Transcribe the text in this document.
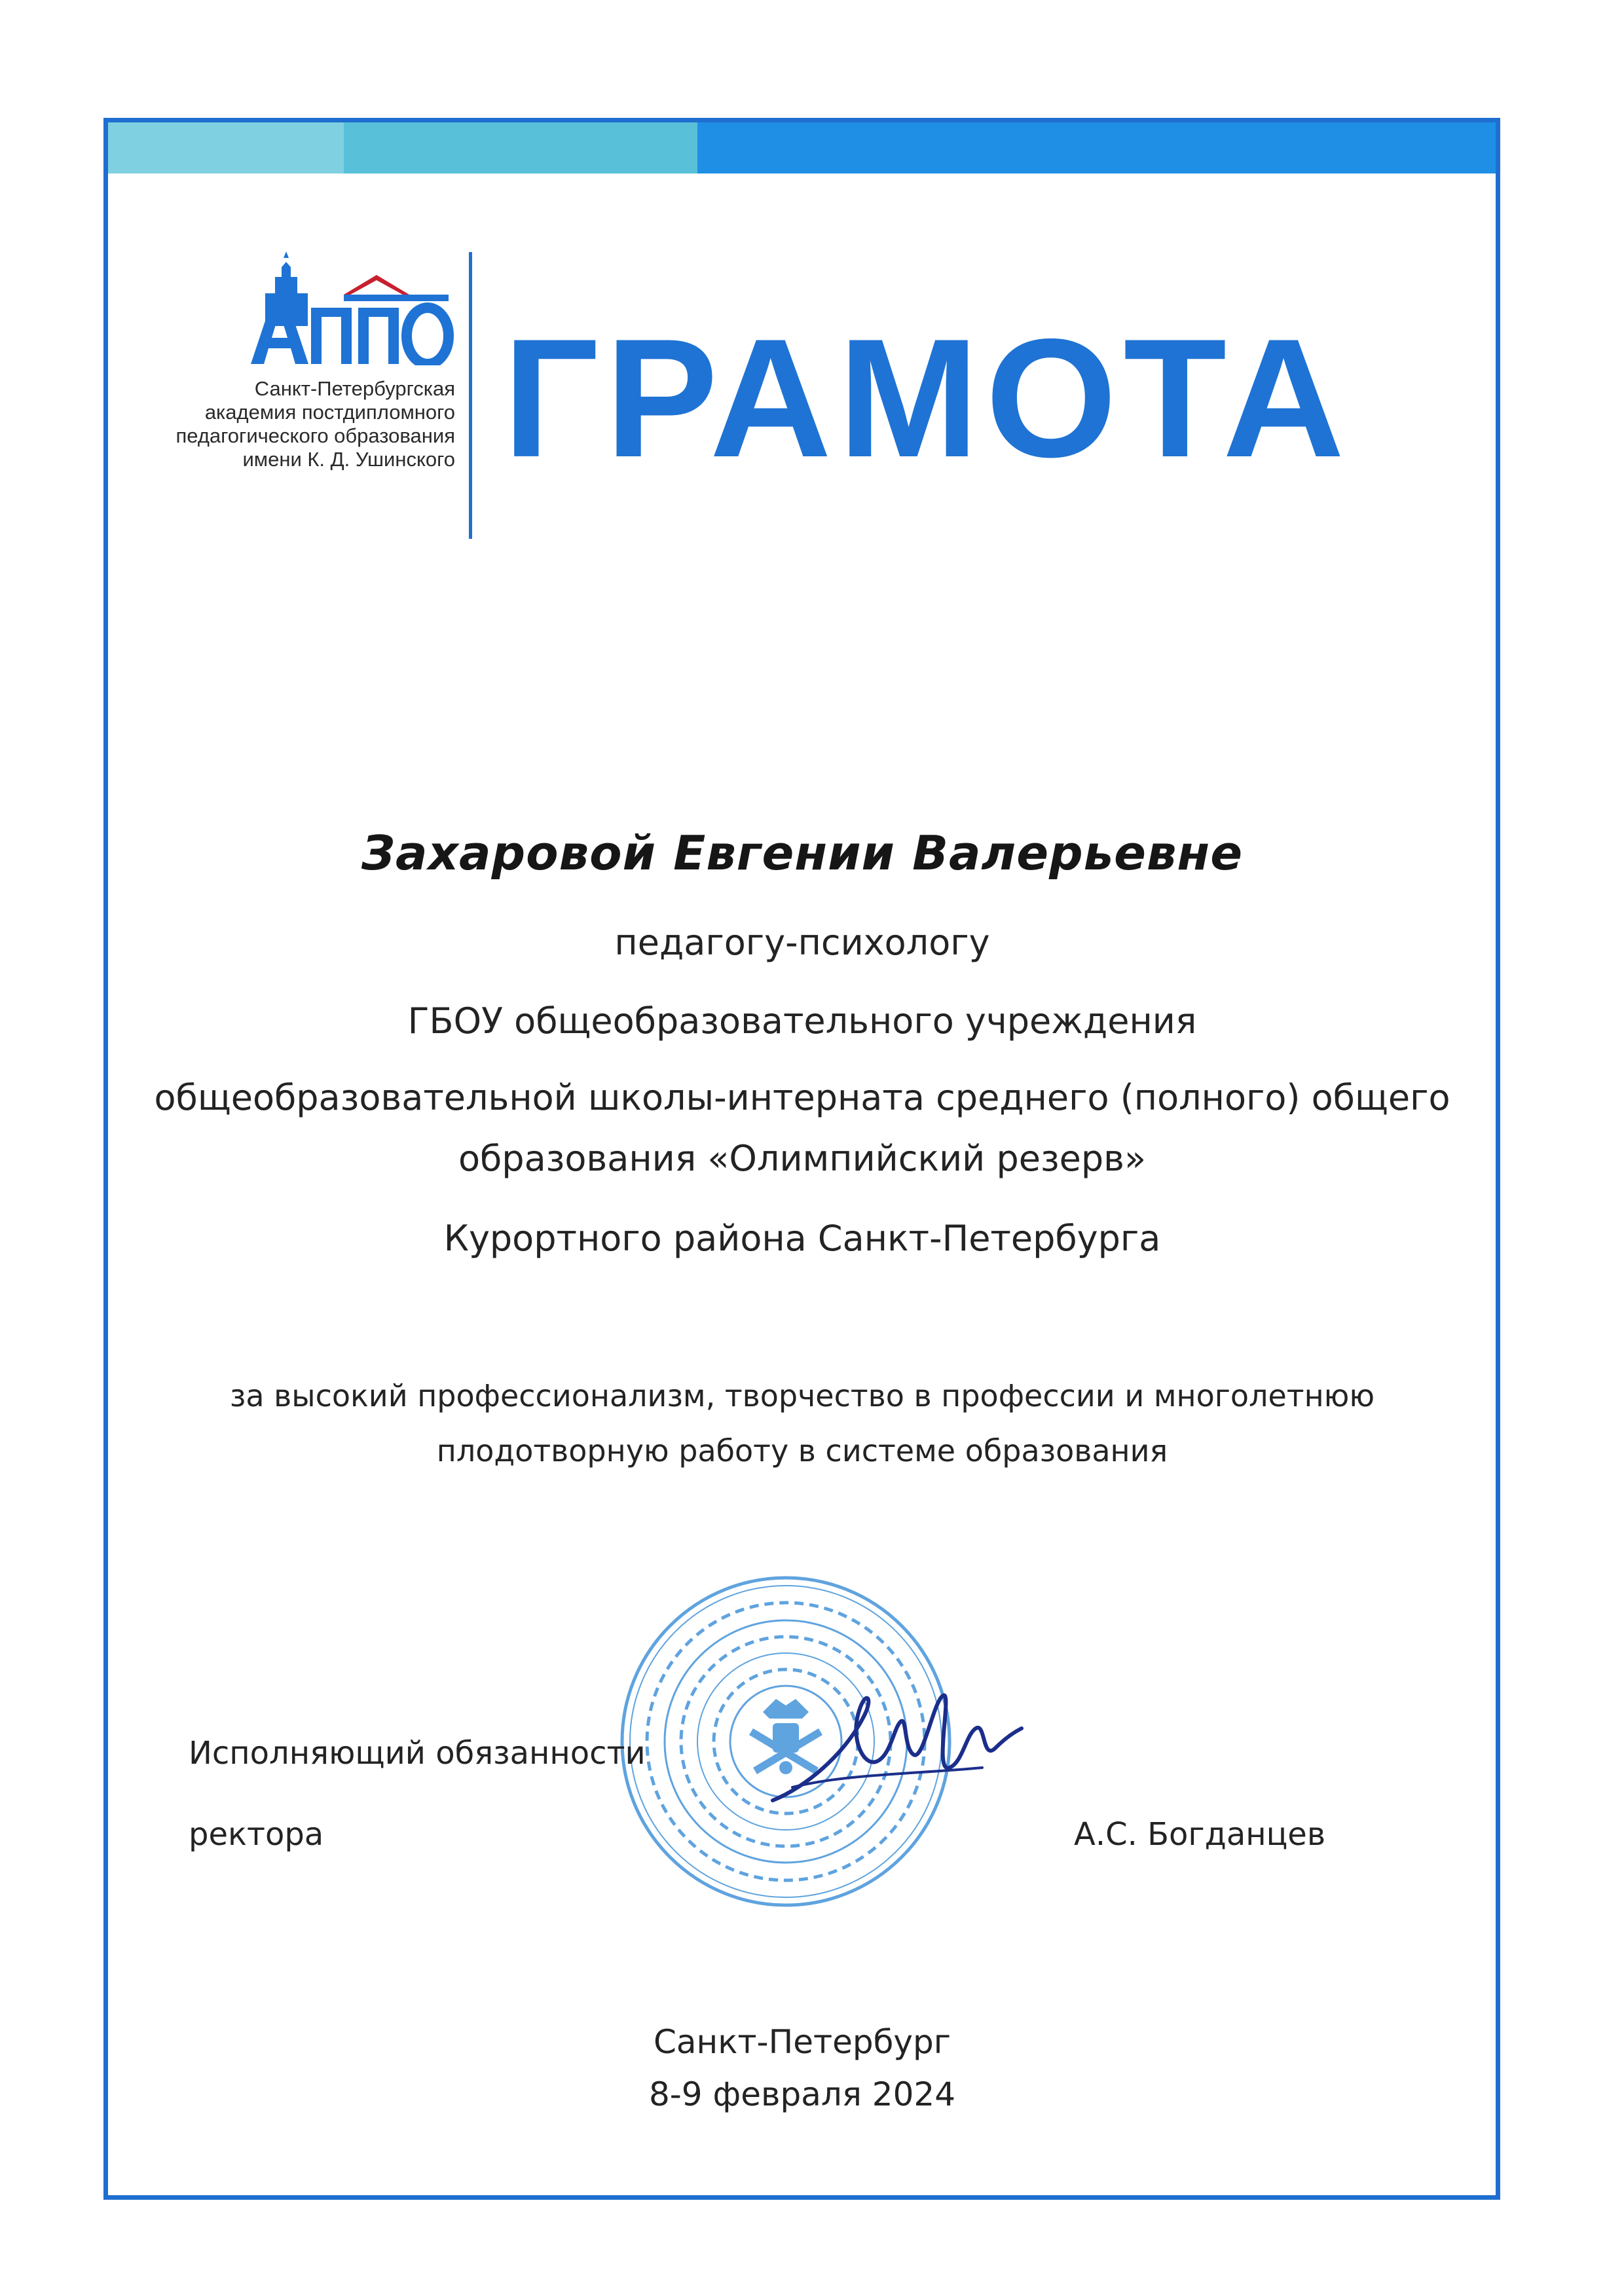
Санкт-Петербургская
академия постдипломного
педагогического образования
имени К. Д. Ушинского ГРАМОТА
Захаровой Евгении Валерьевне
педагогу-психологу
ГБОУ общеобразовательного учреждения
общеобразовательной школы-интерната среднего (полного) общего
образования «Олимпийский резерв»
Курортного района Санкт-Петербурга
за высокий профессионализм, творчество в профессии и многолетнюю
плодотворную работу в системе образования
Исполняющий обязанности
ректора	А.С. Богданцев
Санкт-Петербург
8-9 февраля 2024
